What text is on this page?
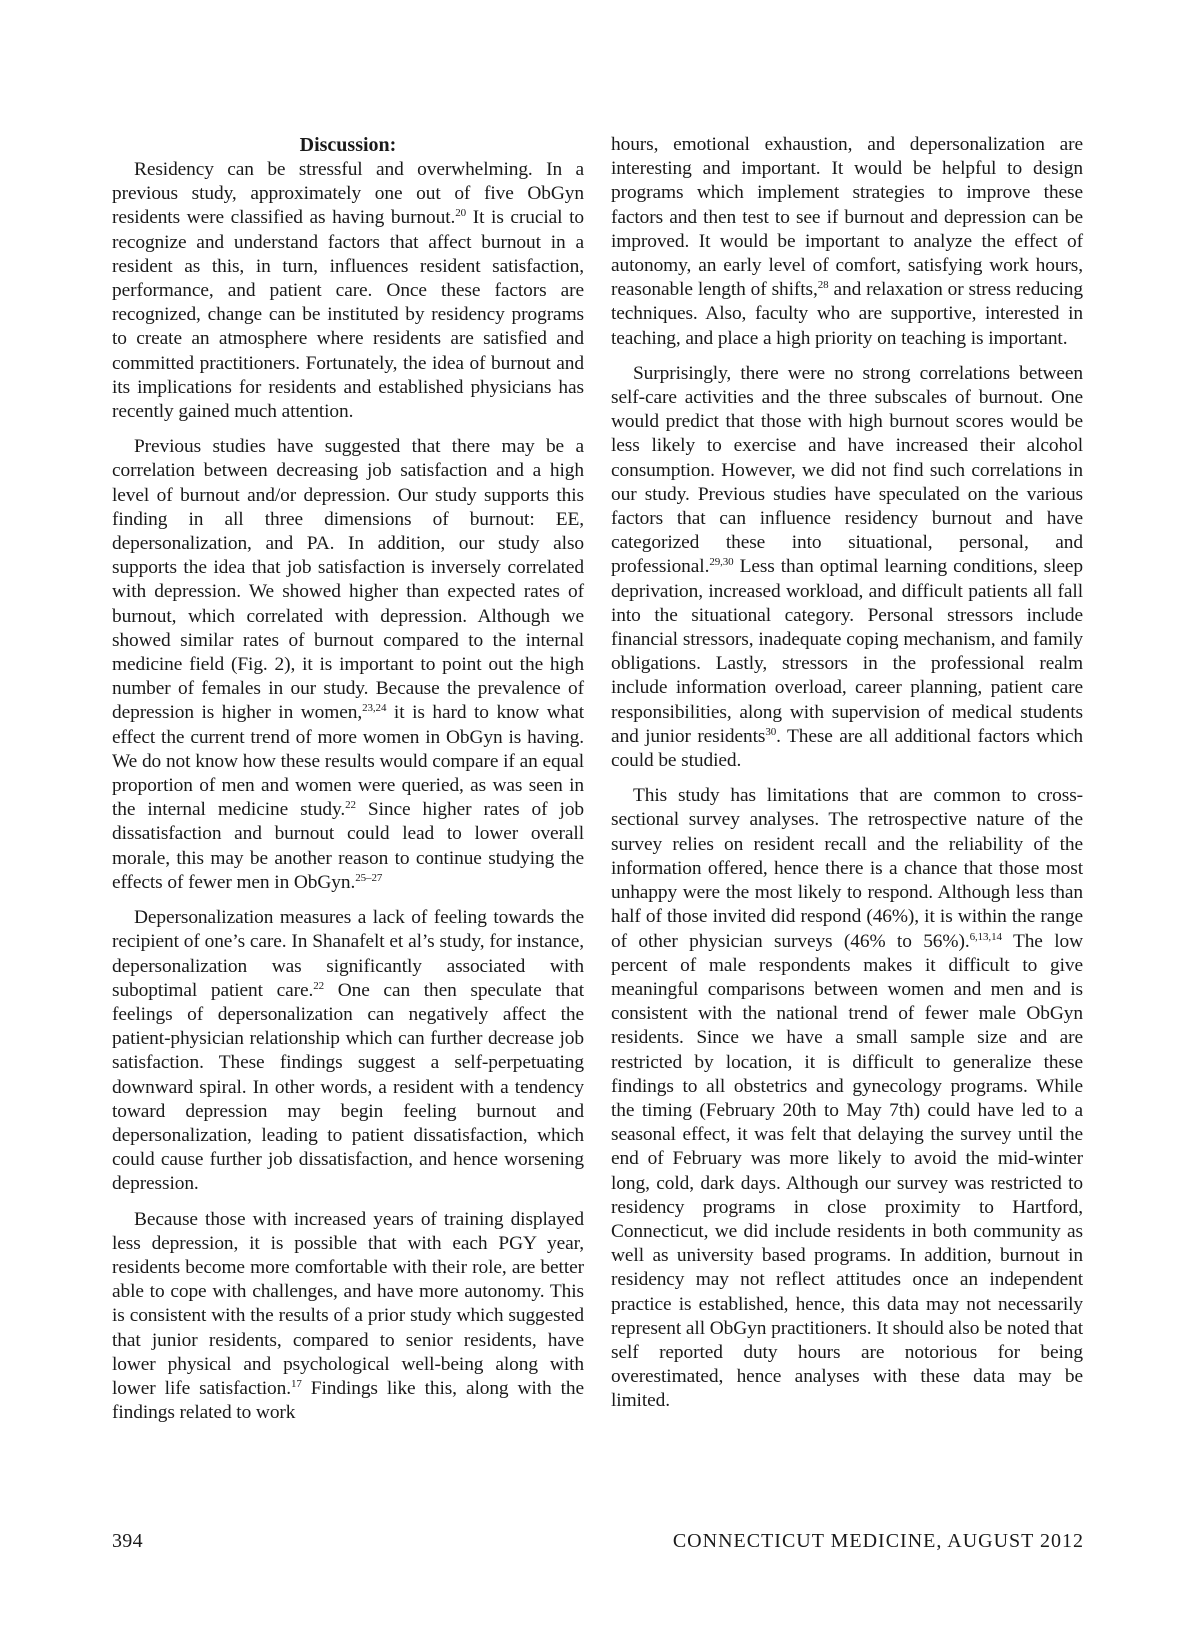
Discussion:

Residency can be stressful and overwhelming. In a previous study, approximately one out of five ObGyn residents were classified as having burnout.$^{20}$ It is crucial to recognize and understand factors that affect burnout in a resident as this, in turn, influences resident satisfaction, performance, and patient care. Once these factors are recognized, change can be instituted by residency programs to create an atmosphere where residents are satisfied and committed practitioners. Fortunately, the idea of burnout and its implications for residents and established physicians has recently gained much attention.

Previous studies have suggested that there may be a correlation between decreasing job satisfaction and a high level of burnout and/or depression. Our study supports this finding in all three dimensions of burnout: EE, depersonalization, and PA. In addition, our study also supports the idea that job satisfaction is inversely correlated with depression. We showed higher than expected rates of burnout, which correlated with depression. Although we showed similar rates of burnout compared to the internal medicine field (Fig. 2), it is important to point out the high number of females in our study. Because the prevalence of depression is higher in women,$^{23,24}$ it is hard to know what effect the current trend of more women in ObGyn is having. We do not know how these results would compare if an equal proportion of men and women were queried, as was seen in the internal medicine study.$^{22}$ Since higher rates of job dissatisfaction and burnout could lead to lower overall morale, this may be another reason to continue studying the effects of fewer men in ObGyn.$^{25-27}$

Depersonalization measures a lack of feeling towards the recipient of one’s care. In Shanafelt et al’s study, for instance, depersonalization was significantly associated with suboptimal patient care.$^{22}$ One can then speculate that feelings of depersonalization can negatively affect the patient-physician relationship which can further decrease job satisfaction. These findings suggest a self-perpetuating downward spiral. In other words, a resident with a tendency toward depression may begin feeling burnout and depersonalization, leading to patient dissatisfaction, which could cause further job dissatisfaction, and hence worsening depression.

Because those with increased years of training displayed less depression, it is possible that with each PGY year, residents become more comfortable with their role, are better able to cope with challenges, and have more autonomy. This is consistent with the results of a prior study which suggested that junior residents, compared to senior residents, have lower physical and psychological well-being along with lower life satisfaction.$^{17}$ Findings like this, along with the findings related to work

hours, emotional exhaustion, and depersonalization are interesting and important. It would be helpful to design programs which implement strategies to improve these factors and then test to see if burnout and depression can be improved. It would be important to analyze the effect of autonomy, an early level of comfort, satisfying work hours, reasonable length of shifts,$^{28}$ and relaxation or stress reducing techniques. Also, faculty who are supportive, interested in teaching, and place a high priority on teaching is important.

Surprisingly, there were no strong correlations between self-care activities and the three subscales of burnout. One would predict that those with high burnout scores would be less likely to exercise and have increased their alcohol consumption. However, we did not find such correlations in our study. Previous studies have speculated on the various factors that can influence residency burnout and have categorized these into situational, personal, and professional.$^{29,30}$ Less than optimal learning conditions, sleep deprivation, increased workload, and difficult patients all fall into the situational category. Personal stressors include financial stressors, inadequate coping mechanism, and family obligations. Lastly, stressors in the professional realm include information overload, career planning, patient care responsibilities, along with supervision of medical students and junior residents$^{30}$. These are all additional factors which could be studied.

This study has limitations that are common to cross-sectional survey analyses. The retrospective nature of the survey relies on resident recall and the reliability of the information offered, hence there is a chance that those most unhappy were the most likely to respond. Although less than half of those invited did respond (46%), it is within the range of other physician surveys (46% to 56%).$^{6,13,14}$ The low percent of male respondents makes it difficult to give meaningful comparisons between women and men and is consistent with the national trend of fewer male ObGyn residents. Since we have a small sample size and are restricted by location, it is difficult to generalize these findings to all obstetrics and gynecology programs. While the timing (February 20th to May 7th) could have led to a seasonal effect, it was felt that delaying the survey until the end of February was more likely to avoid the mid-winter long, cold, dark days. Although our survey was restricted to residency programs in close proximity to Hartford, Connecticut, we did include residents in both community as well as university based programs. In addition, burnout in residency may not reflect attitudes once an independent practice is established, hence, this data may not necessarily represent all ObGyn practitioners. It should also be noted that self reported duty hours are notorious for being overestimated, hence analyses with these data may be limited.

394	CONNECTICUT MEDICINE, AUGUST 2012
